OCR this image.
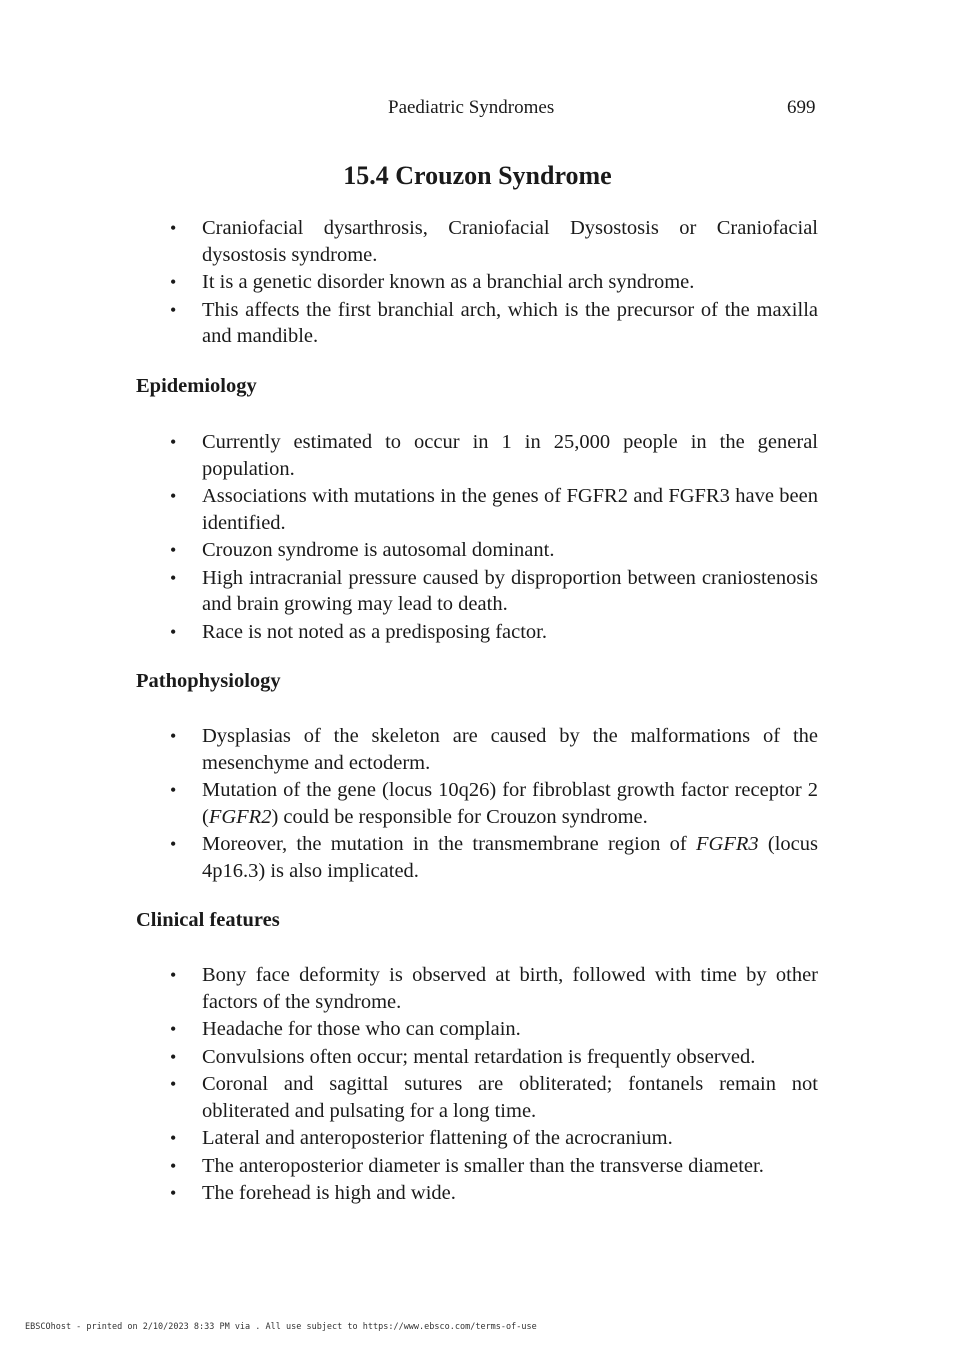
Paediatric Syndromes	699
15.4 Crouzon Syndrome
• Craniofacial dysarthrosis, Craniofacial Dysostosis or Craniofacial dysostosis syndrome.
• It is a genetic disorder known as a branchial arch syndrome.
• This affects the first branchial arch, which is the precursor of the maxilla and mandible.
Epidemiology
• Currently estimated to occur in 1 in 25,000 people in the general population.
• Associations with mutations in the genes of FGFR2 and FGFR3 have been identified.
• Crouzon syndrome is autosomal dominant.
• High intracranial pressure caused by disproportion between craniostenosis and brain growing may lead to death.
• Race is not noted as a predisposing factor.
Pathophysiology
• Dysplasias of the skeleton are caused by the malformations of the mesenchyme and ectoderm.
• Mutation of the gene (locus 10q26) for fibroblast growth factor receptor 2 (FGFR2) could be responsible for Crouzon syndrome.
• Moreover, the mutation in the transmembrane region of FGFR3 (locus 4p16.3) is also implicated.
Clinical features
• Bony face deformity is observed at birth, followed with time by other factors of the syndrome.
• Headache for those who can complain.
• Convulsions often occur; mental retardation is frequently observed.
• Coronal and sagittal sutures are obliterated; fontanels remain not obliterated and pulsating for a long time.
• Lateral and anteroposterior flattening of the acrocranium.
• The anteroposterior diameter is smaller than the transverse diameter.
• The forehead is high and wide.
EBSCOhost - printed on 2/10/2023 8:33 PM via . All use subject to https://www.ebsco.com/terms-of-use
